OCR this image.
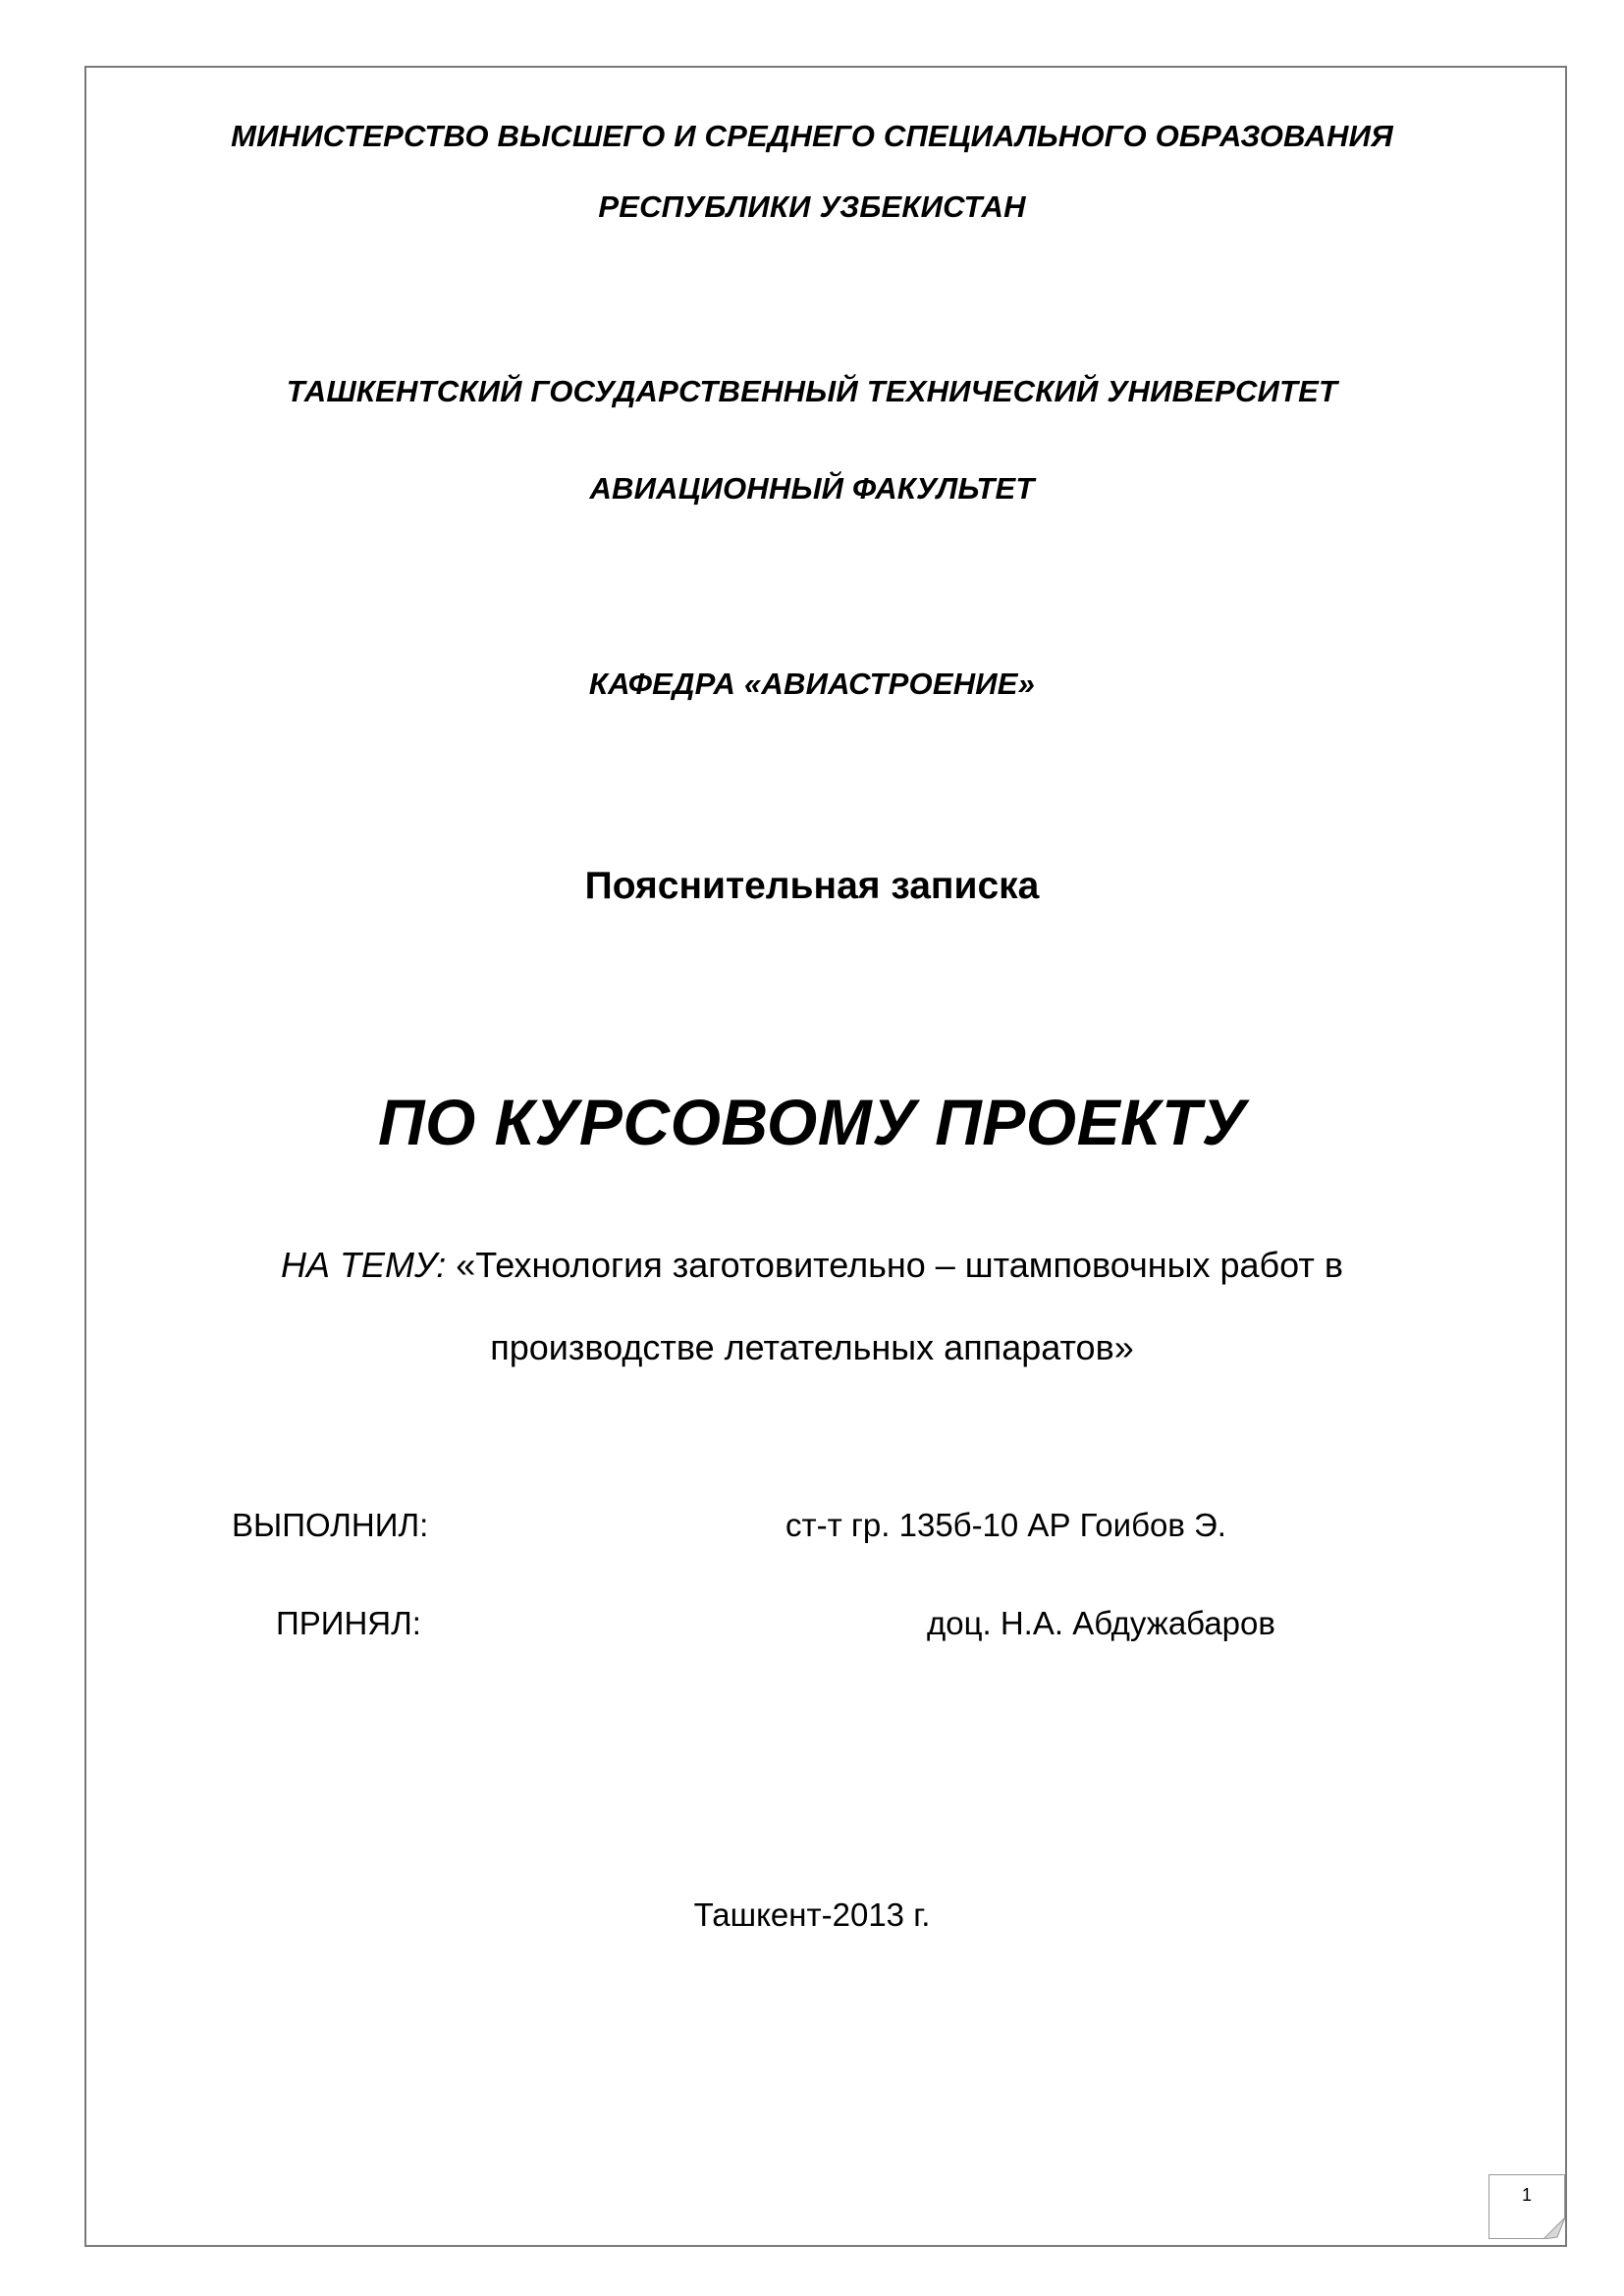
МИНИСТЕРСТВО ВЫСШЕГО И СРЕДНЕГО СПЕЦИАЛЬНОГО ОБРАЗОВАНИЯ
РЕСПУБЛИКИ УЗБЕКИСТАН
ТАШКЕНТСКИЙ ГОСУДАРСТВЕННЫЙ ТЕХНИЧЕСКИЙ УНИВЕРСИТЕТ
АВИАЦИОННЫЙ ФАКУЛЬТЕТ
КАФЕДРА «АВИАСТРОЕНИЕ»
Пояснительная записка
ПО КУРСОВОМУ ПРОЕКТУ
НА ТЕМУ: «Технология заготовительно – штамповочных работ в
производстве летательных аппаратов»
ВЫПОЛНИЛ:	ст-т гр. 135б-10 АР Гоибов Э.
ПРИНЯЛ:	доц. Н.А. Абдужабаров
Ташкент-2013 г.
1
